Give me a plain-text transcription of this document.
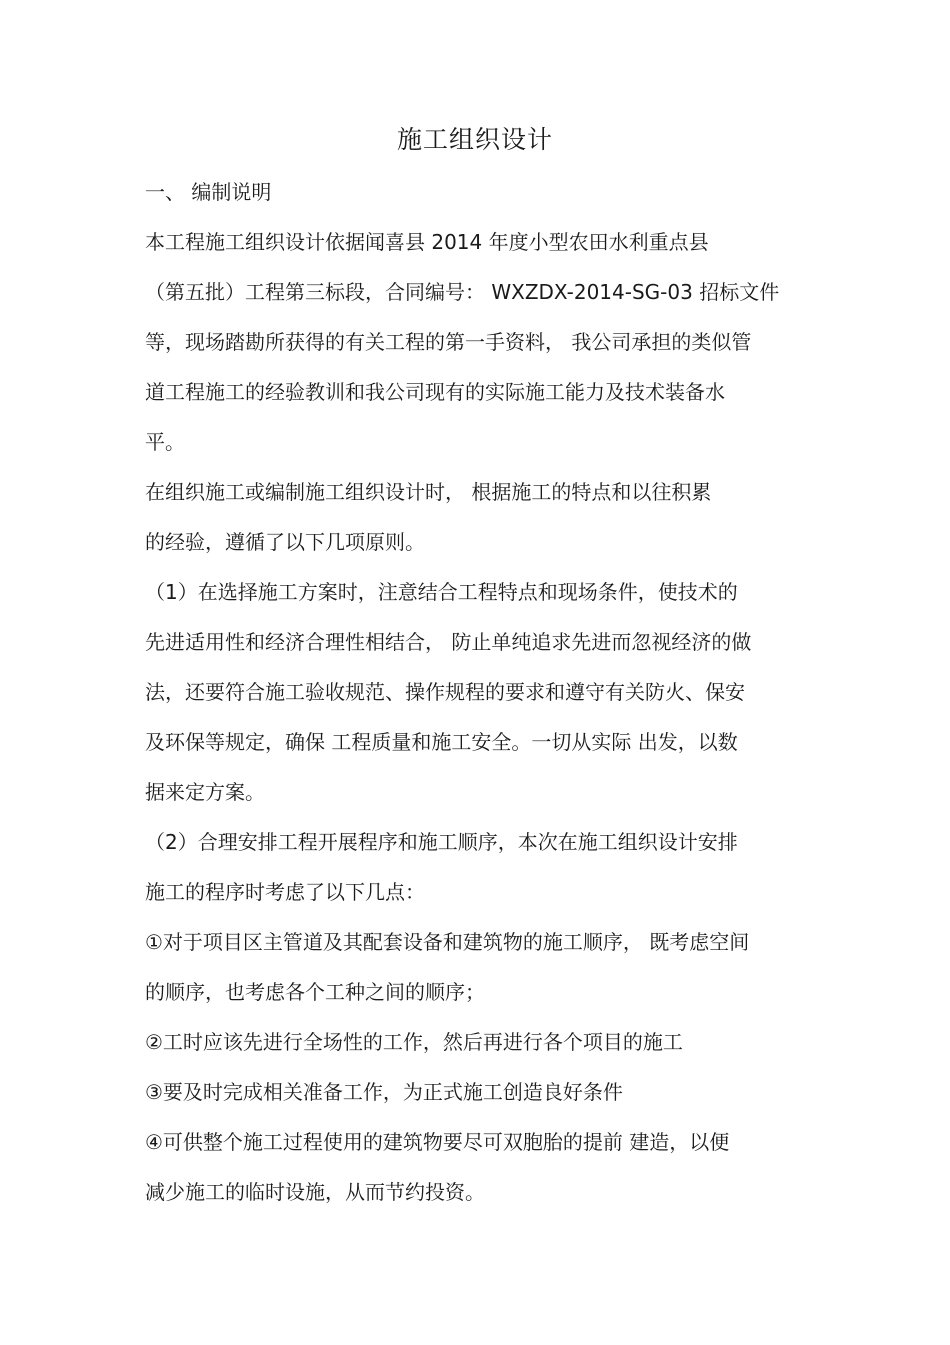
施工组织设计
一、 编制说明
本工程施工组织设计依据闻喜县 2014 年度小型农田水利重点县
（第五批）工程第三标段，合同编号： WXZDX-2014-SG-03 招标文件
等，现场踏勘所获得的有关工程的第一手资料， 我公司承担的类似管
道工程施工的经验教训和我公司现有的实际施工能力及技术装备水
平。
在组织施工或编制施工组织设计时， 根据施工的特点和以往积累
的经验，遵循了以下几项原则。
（1）在选择施工方案时，注意结合工程特点和现场条件，使技术的
先进适用性和经济合理性相结合， 防止单纯追求先进而忽视经济的做
法，还要符合施工验收规范、操作规程的要求和遵守有关防火、保安
及环保等规定，确保 工程质量和施工安全。一切从实际 出发，以数
据来定方案。
（2）合理安排工程开展程序和施工顺序，本次在施工组织设计安排
施工的程序时考虑了以下几点：
①对于项目区主管道及其配套设备和建筑物的施工顺序， 既考虑空间
的顺序，也考虑各个工种之间的顺序；
②工时应该先进行全场性的工作，然后再进行各个项目的施工
③要及时完成相关准备工作，为正式施工创造良好条件
④可供整个施工过程使用的建筑物要尽可双胞胎的提前 建造，以便
减少施工的临时设施，从而节约投资。
